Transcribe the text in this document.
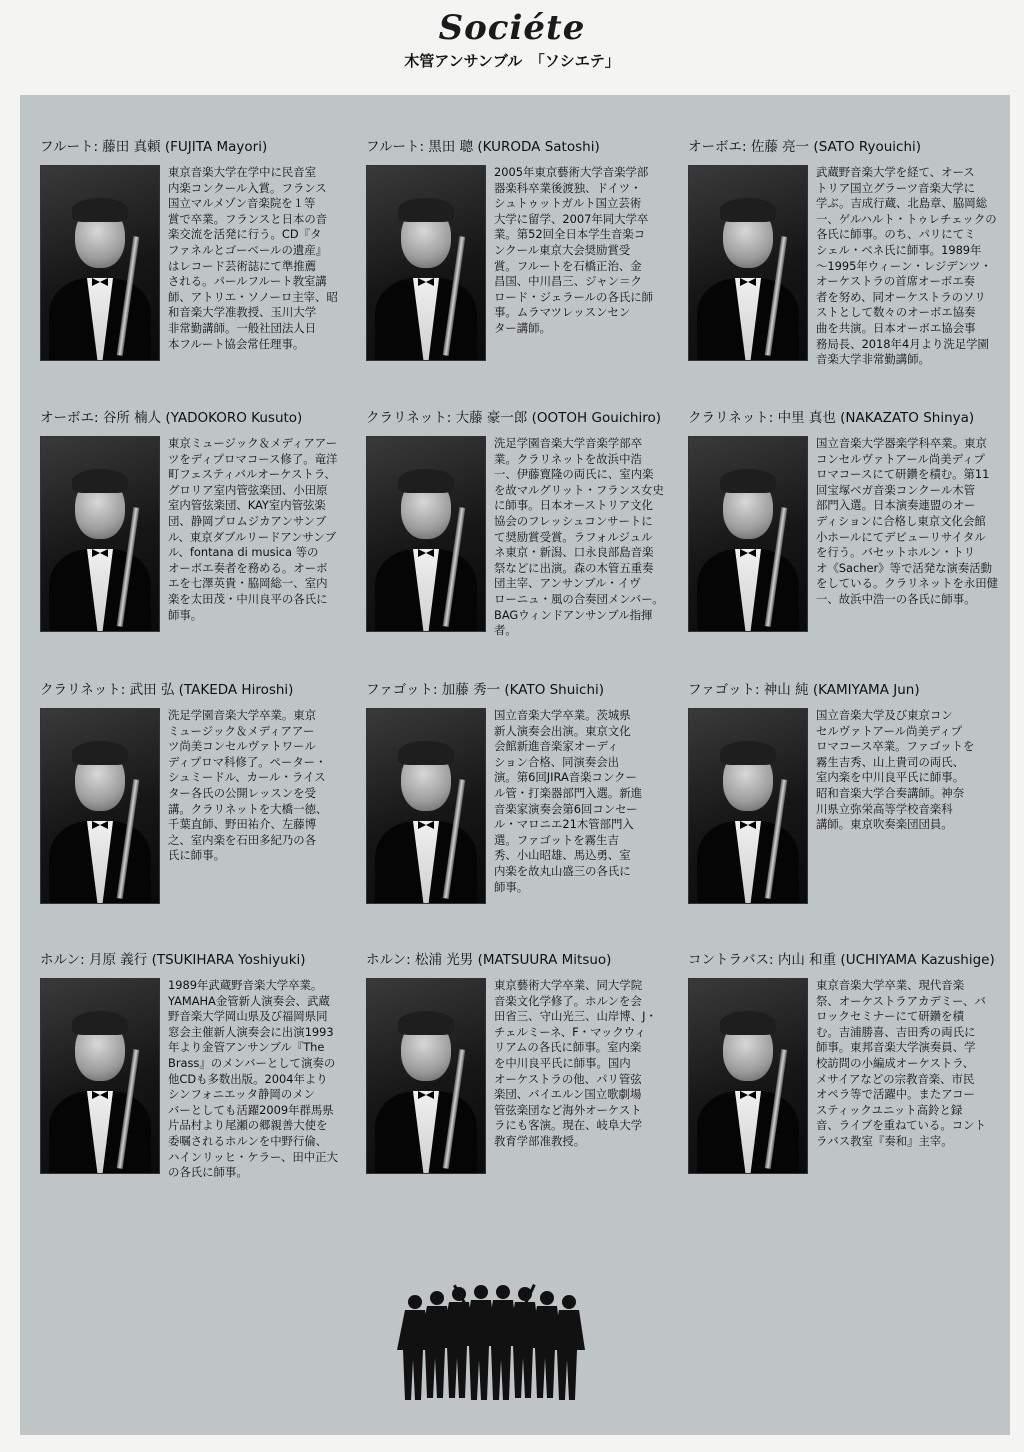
Sociéte
木管アンサンブル　「ソシエテ」
フルート: 藤田 真頼 (FUJITA Mayori)
東京音楽大学在学中に民音室
内楽コンクール入賞。フランス
国立マルメゾン音楽院を１等
賞で卒業。フランスと日本の音
楽交流を活発に行う。CD『タ
ファネルとゴーベールの遺産』
はレコード芸術誌にて準推薦
される。パールフルート教室講
師、アトリエ・ソノーロ主宰、昭
和音楽大学准教授、玉川大学
非常勤講師。一般社団法人日
本フルート協会常任理事。
フルート: 黒田 聰 (KURODA Satoshi)
2005年東京藝術大学音楽学部
器楽科卒業後渡独、ドイツ・
シュトゥットガルト国立芸術
大学に留学、2007年同大学卒
業。第52回全日本学生音楽コ
ンクール東京大会奨励賞受
賞。フルートを石橋正治、金
昌国、中川昌三、ジャン＝ク
ロード・ジェラールの各氏に師
事。ムラマツレッスンセン
ター講師。
オーボエ: 佐藤 亮一 (SATO Ryouichi)
武蔵野音楽大学を経て、オース
トリア国立グラーツ音楽大学に
学ぶ。吉成行蔵、北島章、脇岡総
一、ゲルハルト・トゥレチェックの
各氏に師事。のち、パリにてミ
シェル・ベネ氏に師事。1989年
～1995年ウィーン・レジデンツ・
オーケストラの首席オーボエ奏
者を努め、同オーケストラのソリ
ストとして数々のオーボエ協奏
曲を共演。日本オーボエ協会事
務局長、2018年4月より洗足学園
音楽大学非常勤講師。
オーボエ: 谷所 楠人 (YADOKORO Kusuto)
東京ミュージック＆メディアアー
ツをディプロマコース修了。竜洋
町フェスティバルオーケストラ、
グロリア室内管弦楽団、小田原
室内管弦楽団、KAY室内管弦楽
団、静岡プロムジカアンサンブ
ル、東京ダブルリードアンサンブ
ル、fontana di musica 等の
オーボエ奏者を務める。オーボ
エを七澤英貴・脇岡総一、室内
楽を太田茂・中川良平の各氏に
師事。
クラリネット: 大藤 豪一郎 (OOTOH Gouichiro)
洗足学園音楽大学音楽学部卒
業。クラリネットを故浜中浩
一、伊藤寛隆の両氏に、室内楽
を故マルグリット・フランス女史
に師事。日本オーストリア文化
協会のフレッシュコンサートに
て奨励賞受賞。ラフォルジュル
ネ東京・新潟、口永良部島音楽
祭などに出演。森の木管五重奏
団主宰、アンサンブル・イヴ
ローニュ・風の合奏団メンバー。
BAGウィンドアンサンブル指揮
者。
クラリネット: 中里 真也 (NAKAZATO Shinya)
国立音楽大学器楽学科卒業。東京
コンセルヴァトアール尚美ディプ
ロマコースにて研鑽を積む。第11
回宝塚ベガ音楽コンクール木管
部門入選。日本演奏連盟のオー
ディションに合格し東京文化会館
小ホールにてデビューリサイタル
を行う。バセットホルン・トリ
オ《Sacher》等で活発な演奏活動
をしている。クラリネットを永田健
一、故浜中浩一の各氏に師事。
クラリネット: 武田 弘 (TAKEDA Hiroshi)
洗足学園音楽大学卒業。東京
ミュージック＆メディアアー
ツ尚美コンセルヴァトワール
ディプロマ科修了。ペーター・
シュミードル、カール・ライス
ター各氏の公開レッスンを受
講。クラリネットを大橋一徳、
千葉直師、野田祐介、左藤博
之、室内楽を石田多紀乃の各
氏に師事。
ファゴット: 加藤 秀一 (KATO Shuichi)
国立音楽大学卒業。茨城県
新人演奏会出演。東京文化
会館新進音楽家オーディ
ション合格、同演奏会出
演。第6回JIRA音楽コンクー
ル管・打楽器部門入選。新進
音楽家演奏会第6回コンセー
ル・マロニエ21木管部門入
選。ファゴットを霧生吉
秀、小山昭雄、馬込勇、室
内楽を故丸山盛三の各氏に
師事。
ファゴット: 神山 純 (KAMIYAMA Jun)
国立音楽大学及び東京コン
セルヴァトアール尚美ディプ
ロマコース卒業。ファゴットを
霧生吉秀、山上貴司の両氏、
室内楽を中川良平氏に師事。
昭和音楽大学合奏講師。神奈
川県立弥栄高等学校音楽科
講師。東京吹奏楽団団員。
ホルン: 月原 義行 (TSUKIHARA Yoshiyuki)
1989年武蔵野音楽大学卒業。
YAMAHA金管新人演奏会、武蔵
野音楽大学岡山県及び福岡県同
窓会主催新人演奏会に出演1993
年より金管アンサンブル『The
Brass』のメンバーとして演奏の
他CDも多数出版。2004年より
シンフォニエッタ静岡のメン
バーとしても活躍2009年群馬県
片品村より尾瀬の郷親善大使を
委嘱されるホルンを中野行倫、
ハインリッヒ・ケラー、田中正大
の各氏に師事。
ホルン: 松浦 光男 (MATSUURA Mitsuo)
東京藝術大学卒業、同大学院
音楽文化学修了。ホルンを会
田省三、守山光三、山岸博、J・
チェルミーネ、F・マックウィ
リアムの各氏に師事。室内楽
を中川良平氏に師事。国内
オーケストラの他、パリ管弦
楽団、バイエルン国立歌劇場
管弦楽団など海外オーケスト
ラにも客演。現在、岐阜大学
教育学部准教授。
コントラバス: 内山 和重 (UCHIYAMA Kazushige)
東京音楽大学卒業、現代音楽
祭、オーケストラアカデミー、バ
ロックセミナーにて研鑽を積
む。吉浦勝喜、吉田秀の両氏に
師事。東邦音楽大学演奏員、学
校訪問の小編成オーケストラ、
メサイアなどの宗教音楽、市民
オペラ等で活躍中。またアコー
スティックユニット高鈴と録
音、ライブを重ねている。コント
ラバス教室『奏和』主宰。
